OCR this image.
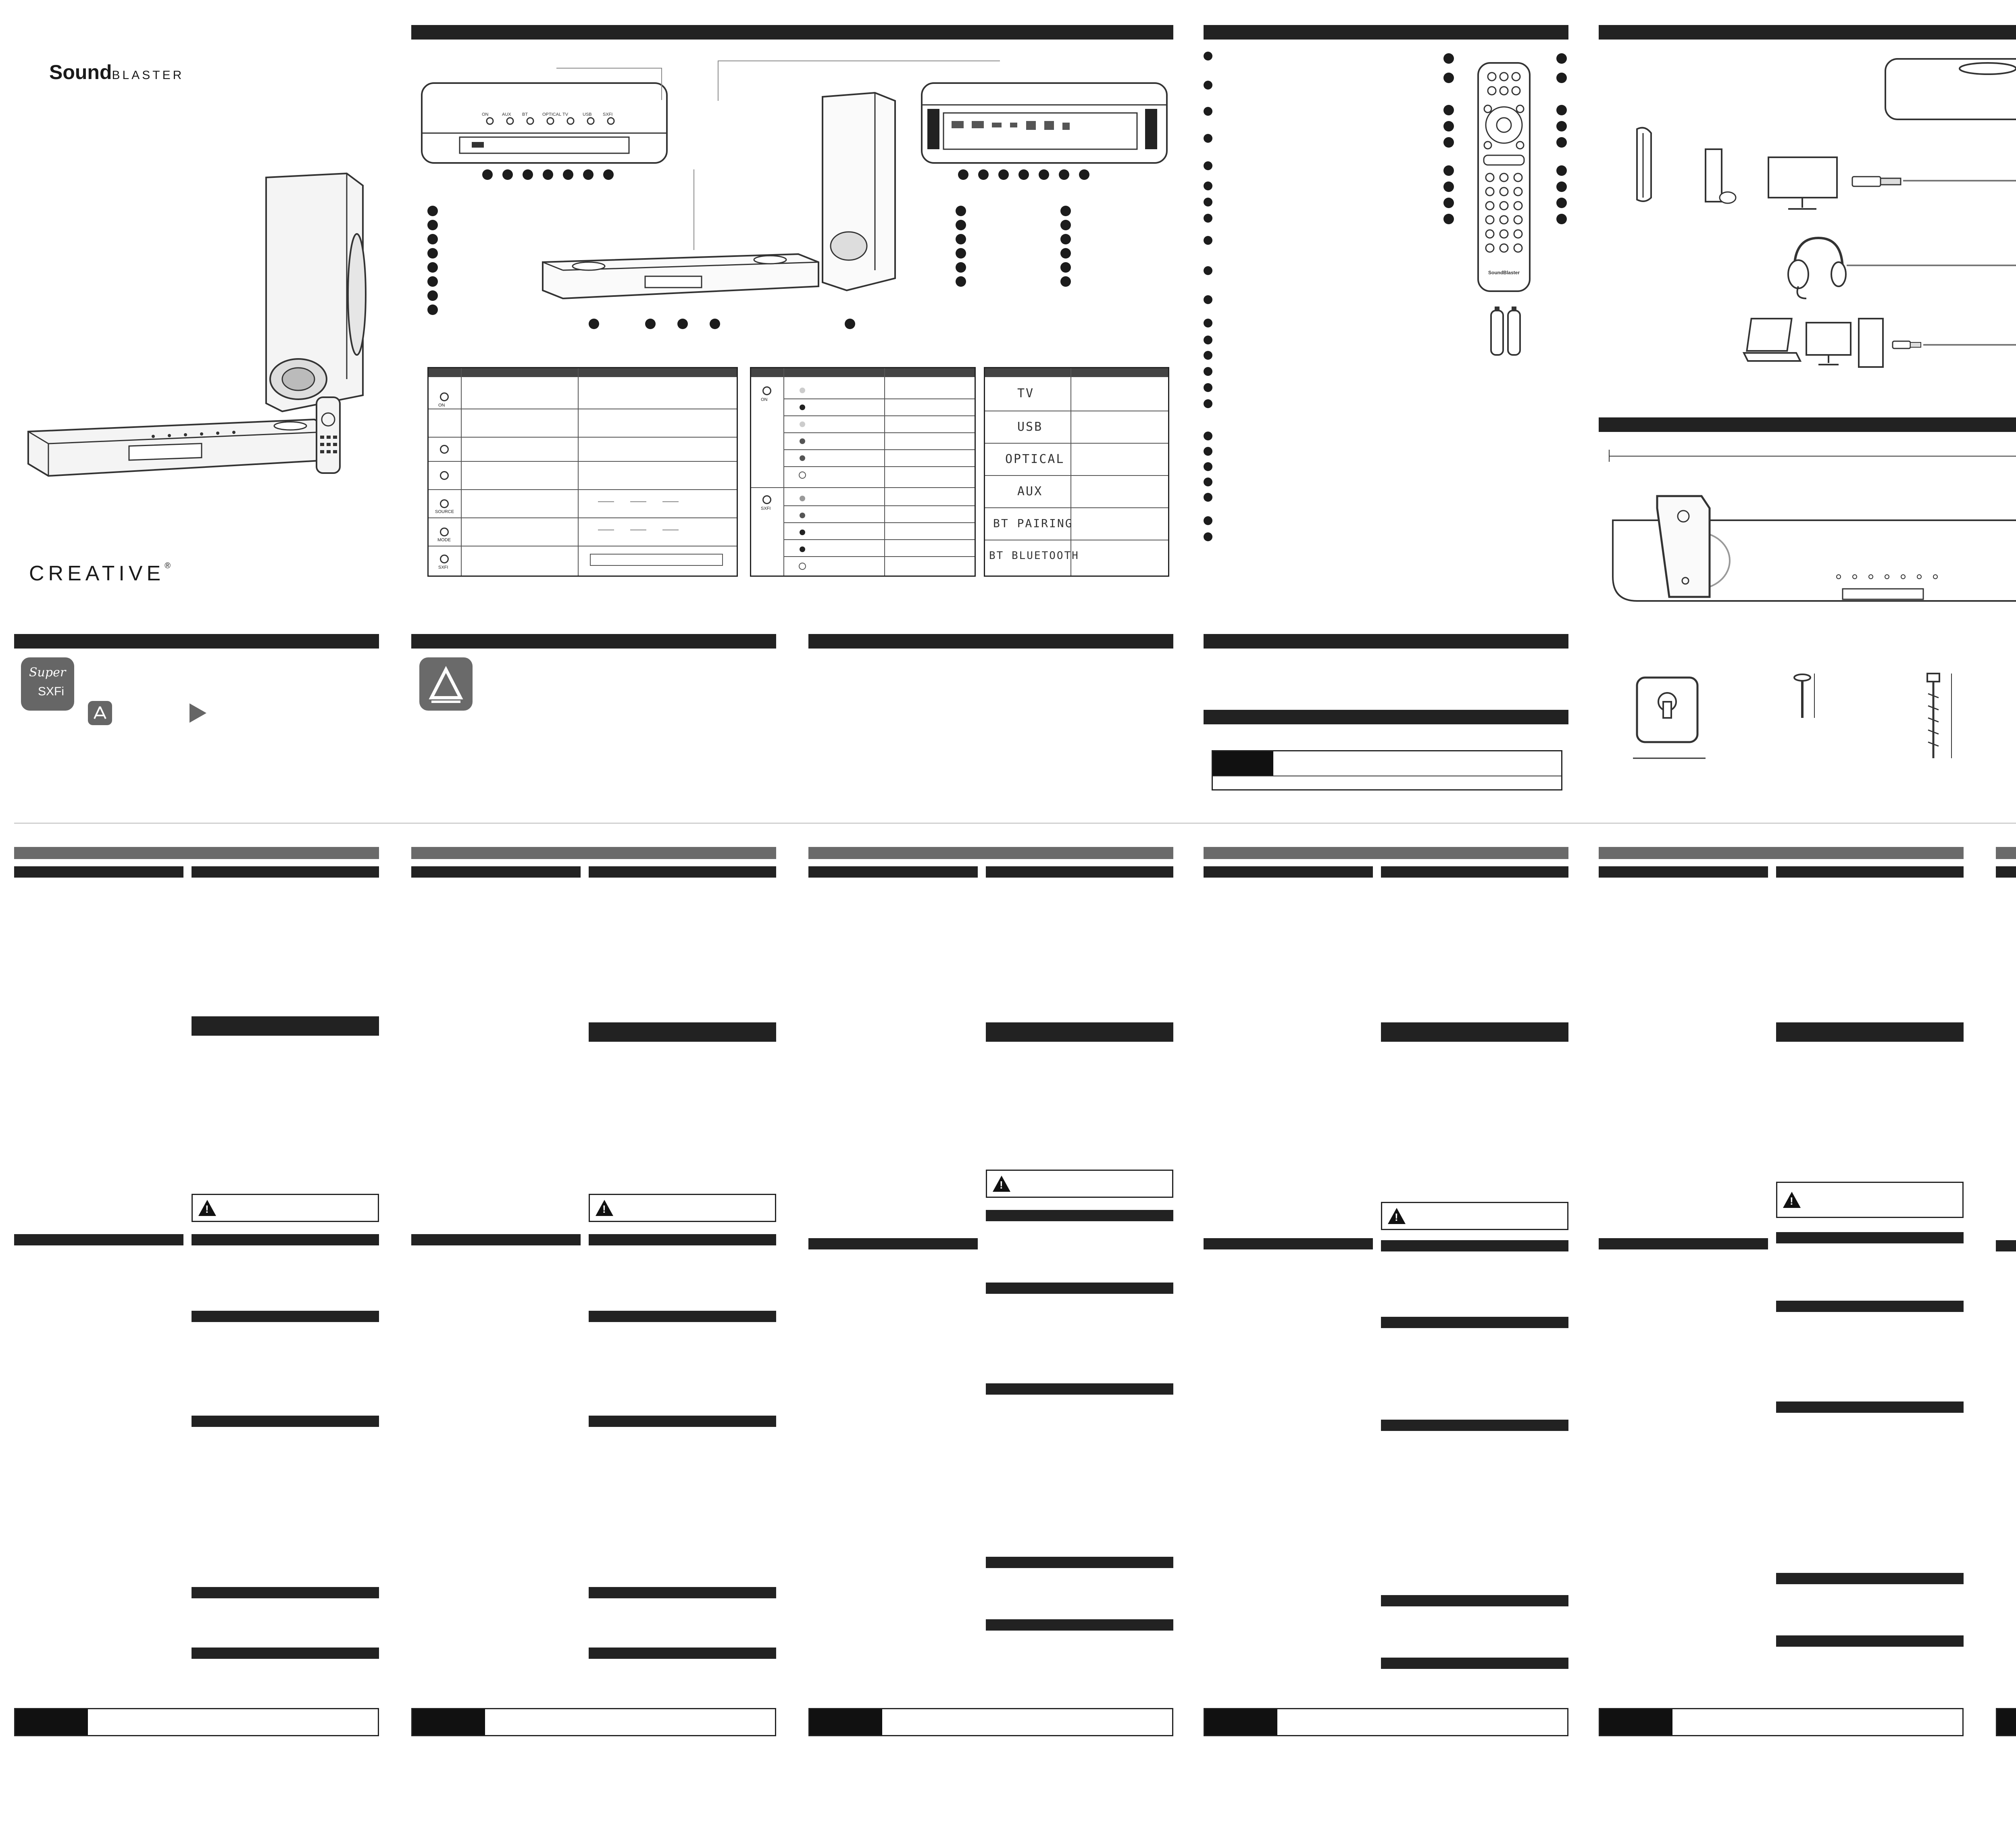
SoundBLASTER
CREATIVE®
ON	AUX BT	OPTICAL TV	USB SXFI
ON
SOURCE
MODE
SXFI
ON
SXFI
TV
USB
OPTICAL
AUX
BT PAIRING
BT BLUETOOTH
SoundBlaster
Super
SXFi
!
!
!
!
!
